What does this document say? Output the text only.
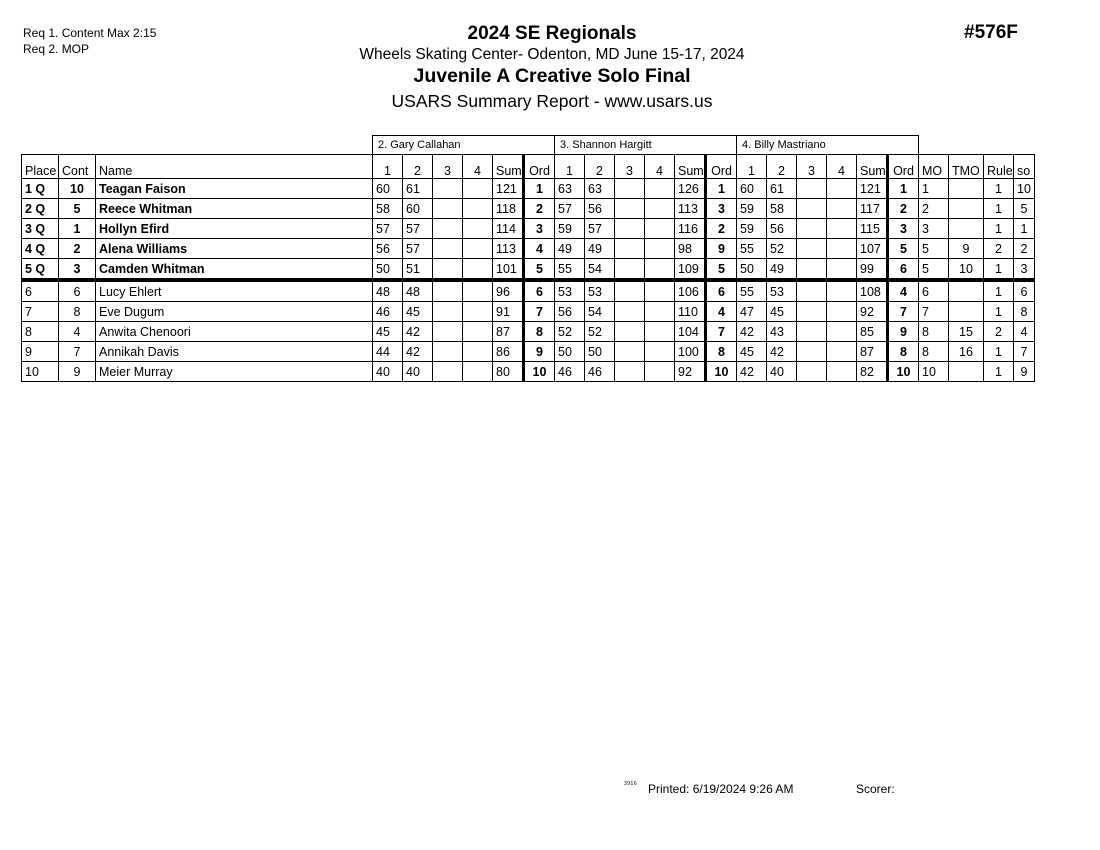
Req 1. Content Max 2:15
Req 2. MOP
2024 SE Regionals
Wheels Skating Center- Odenton, MD June 15-17, 2024
Juvenile A Creative Solo Final
USARS Summary Report - www.usars.us
#576F
			2. Gary Callahan						3. Shannon Hargitt						4. Billy Mastriano									
Place	Cont	Name	1	2	3	4	Sum	Ord	1	2	3	4	Sum	Ord	1	2	3	4	Sum	Ord	MO	TMO	Rule	so
1 Q	10	Teagan Faison	60	61			121	1	63	63			126	1	60	61			121	1	1		1	10
2 Q	5	Reece Whitman	58	60			118	2	57	56			113	3	59	58			117	2	2		1	5
3 Q	1	Hollyn Efird	57	57			114	3	59	57			116	2	59	56			115	3	3		1	1
4 Q	2	Alena Williams	56	57			113	4	49	49			98	9	55	52			107	5	5	9	2	2
5 Q	3	Camden Whitman	50	51			101	5	55	54			109	5	50	49			99	6	5	10	1	3
6	6	Lucy Ehlert	48	48			96	6	53	53			106	6	55	53			108	4	6		1	6
7	8	Eve Dugum	46	45			91	7	56	54			110	4	47	45			92	7	7		1	8
8	4	Anwita Chenoori	45	42			87	8	52	52			104	7	42	43			85	9	8	15	2	4
9	7	Annikah Davis	44	42			86	9	50	50			100	8	45	42			87	8	8	16	1	7
10	9	Meier Murray	40	40			80	10	46	46			92	10	42	40			82	10	10		1	9
3916 Printed: 6/19/2024 9:26 AM	Scorer:
